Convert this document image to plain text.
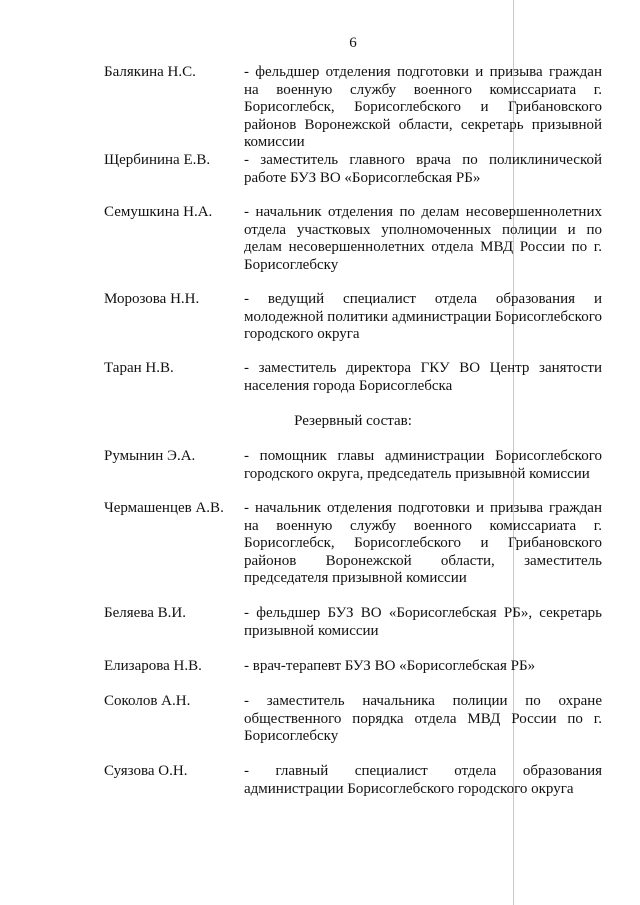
6
Балякина Н.С.	- фельдшер отделения подготовки и призыва граждан на военную службу военного комиссариата г. Борисоглебск, Борисоглебского и Грибановского районов Воронежской области, секретарь призывной комиссии
Щербинина Е.В.	- заместитель главного врача по поликлинической работе БУЗ ВО «Борисоглебская РБ»
Семушкина Н.А.	- начальник отделения по делам несовершеннолетних отдела участковых уполномоченных полиции и по делам несовершеннолетних отдела МВД России по г. Борисоглебску
Морозова Н.Н.	- ведущий специалист отдела образования и молодежной политики администрации Борисоглебского городского округа
Таран Н.В.	- заместитель директора ГКУ ВО Центр занятости населения города Борисоглебска
Резервный состав:
Румынин Э.А.	- помощник главы администрации Борисоглебского городского округа, председатель призывной комиссии
Чермашенцев А.В.	- начальник отделения подготовки и призыва граждан на военную службу военного комиссариата г. Борисоглебск, Борисоглебского и Грибановского районов Воронежской области, заместитель председателя призывной комиссии
Беляева В.И.	- фельдшер БУЗ ВО «Борисоглебская РБ», секретарь призывной комиссии
Елизарова Н.В.	- врач-терапевт БУЗ ВО «Борисоглебская РБ»
Соколов А.Н.	- заместитель начальника полиции по охране общественного порядка отдела МВД России по г. Борисоглебску
Суязова О.Н.	- главный специалист отдела образования администрации Борисоглебского городского округа
